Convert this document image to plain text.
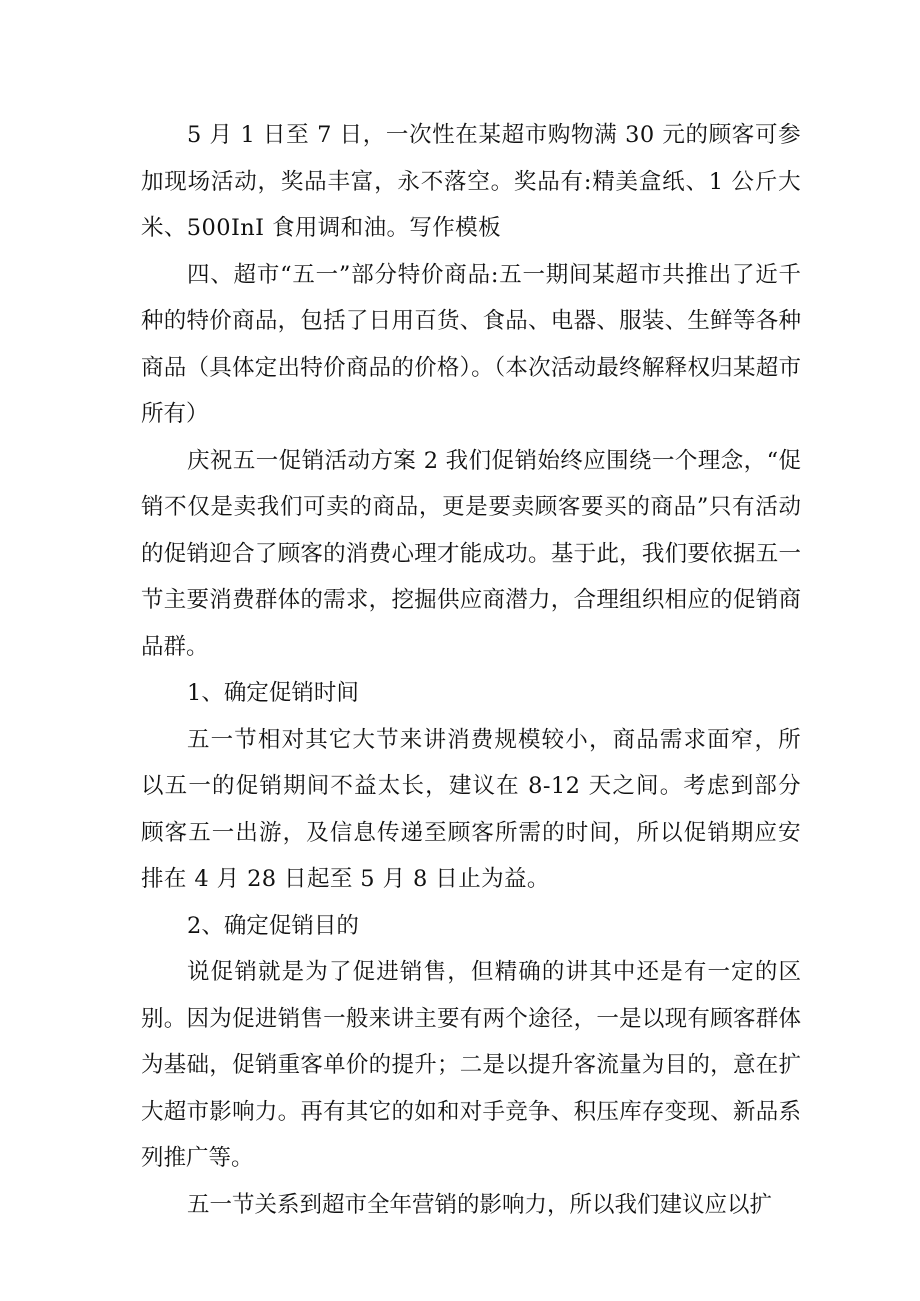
5 月 1 日至 7 日，一次性在某超市购物满 30 元的顾客可参加现场活动，奖品丰富，永不落空。奖品有:精美盒纸、1 公斤大米、500InI 食用调和油。写作模板

四、超市“五一”部分特价商品:五一期间某超市共推出了近千种的特价商品，包括了日用百货、食品、电器、服装、生鲜等各种商品（具体定出特价商品的价格）。（本次活动最终解释权归某超市所有）

庆祝五一促销活动方案 2 我们促销始终应围绕一个理念，“促销不仅是卖我们可卖的商品，更是要卖顾客要买的商品”只有活动的促销迎合了顾客的消费心理才能成功。基于此，我们要依据五一节主要消费群体的需求，挖掘供应商潜力，合理组织相应的促销商品群。

1、确定促销时间

五一节相对其它大节来讲消费规模较小，商品需求面窄，所以五一的促销期间不益太长，建议在 8-12 天之间。考虑到部分顾客五一出游，及信息传递至顾客所需的时间，所以促销期应安排在 4 月 28 日起至 5 月 8 日止为益。

2、确定促销目的

说促销就是为了促进销售，但精确的讲其中还是有一定的区别。因为促进销售一般来讲主要有两个途径，一是以现有顾客群体为基础，促销重客单价的提升；二是以提升客流量为目的，意在扩大超市影响力。再有其它的如和对手竞争、积压库存变现、新品系列推广等。

五一节关系到超市全年营销的影响力，所以我们建议应以扩
